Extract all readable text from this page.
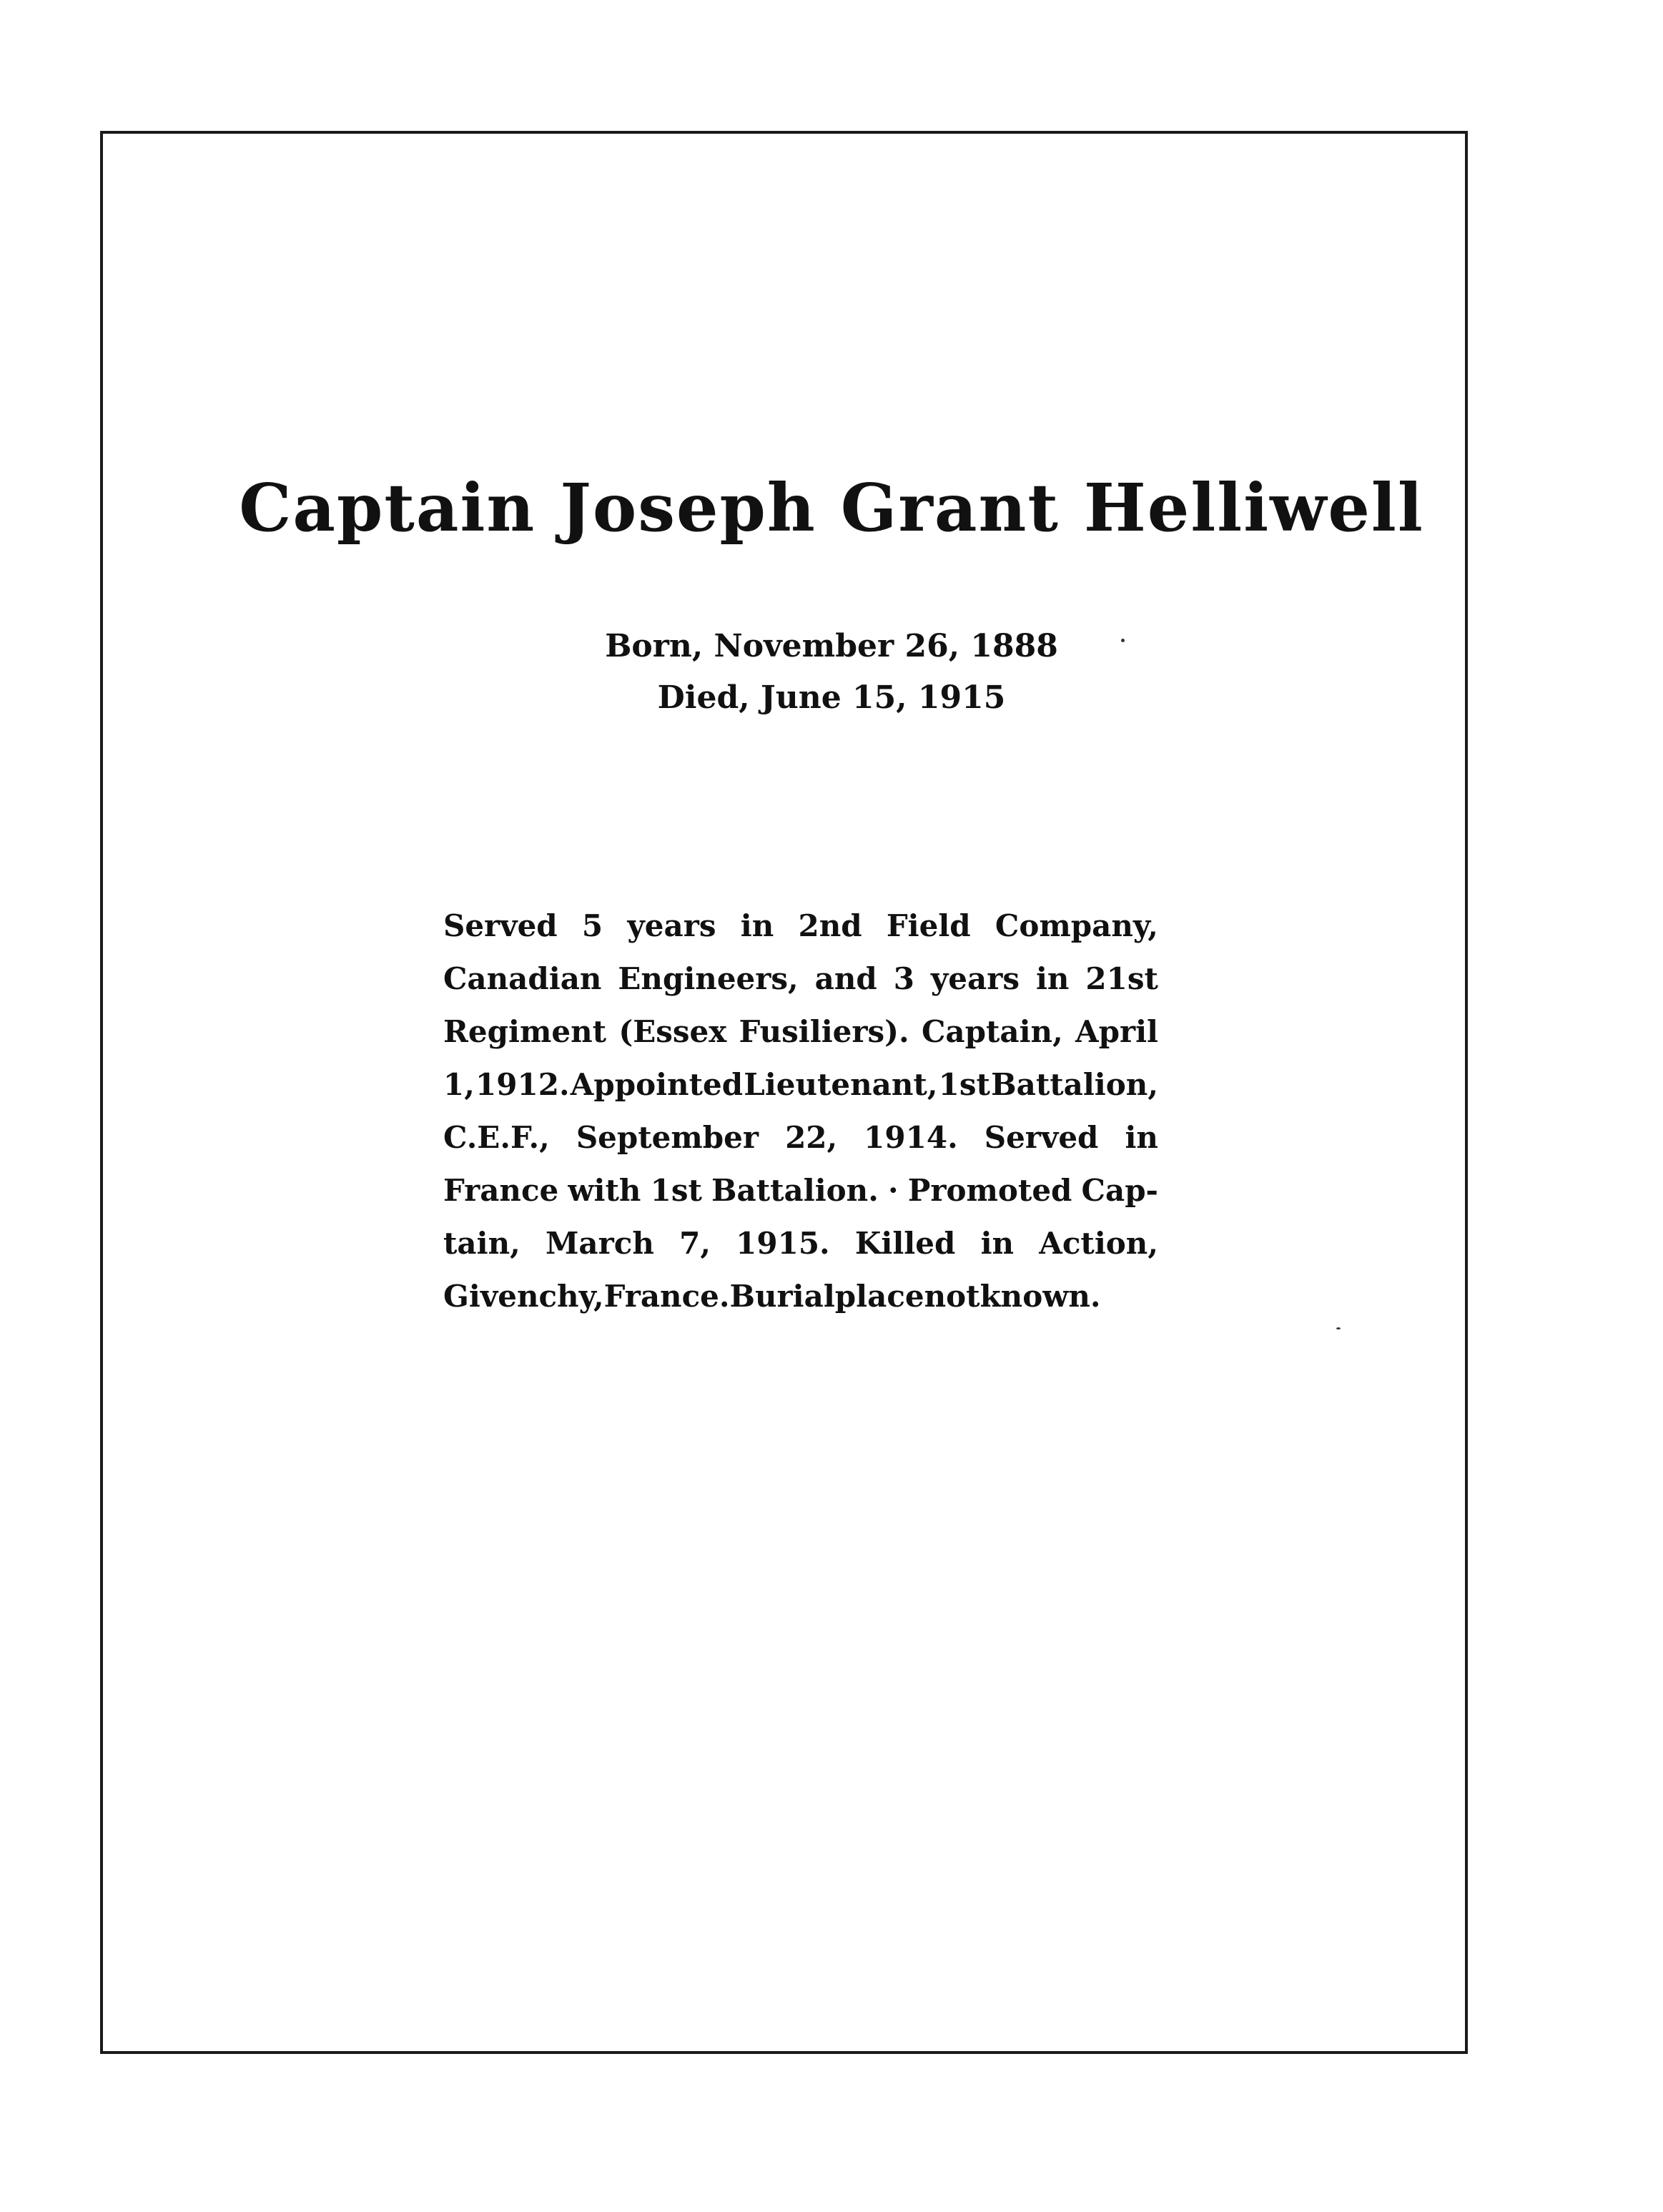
Captain Joseph Grant Helliwell
Born, November 26, 1888
Died, June 15, 1915
Served 5 years in 2nd Field Company,
Canadian Engineers, and 3 years in 21st
Regiment (Essex Fusiliers). Captain, April
1, 1912. Appointed Lieutenant, 1st Battalion,
C.E.F., September 22, 1914. Served in
France with 1st Battalion. · Promoted Cap-
tain, March 7, 1915. Killed in Action,
Givenchy, France. Burial place not known.
